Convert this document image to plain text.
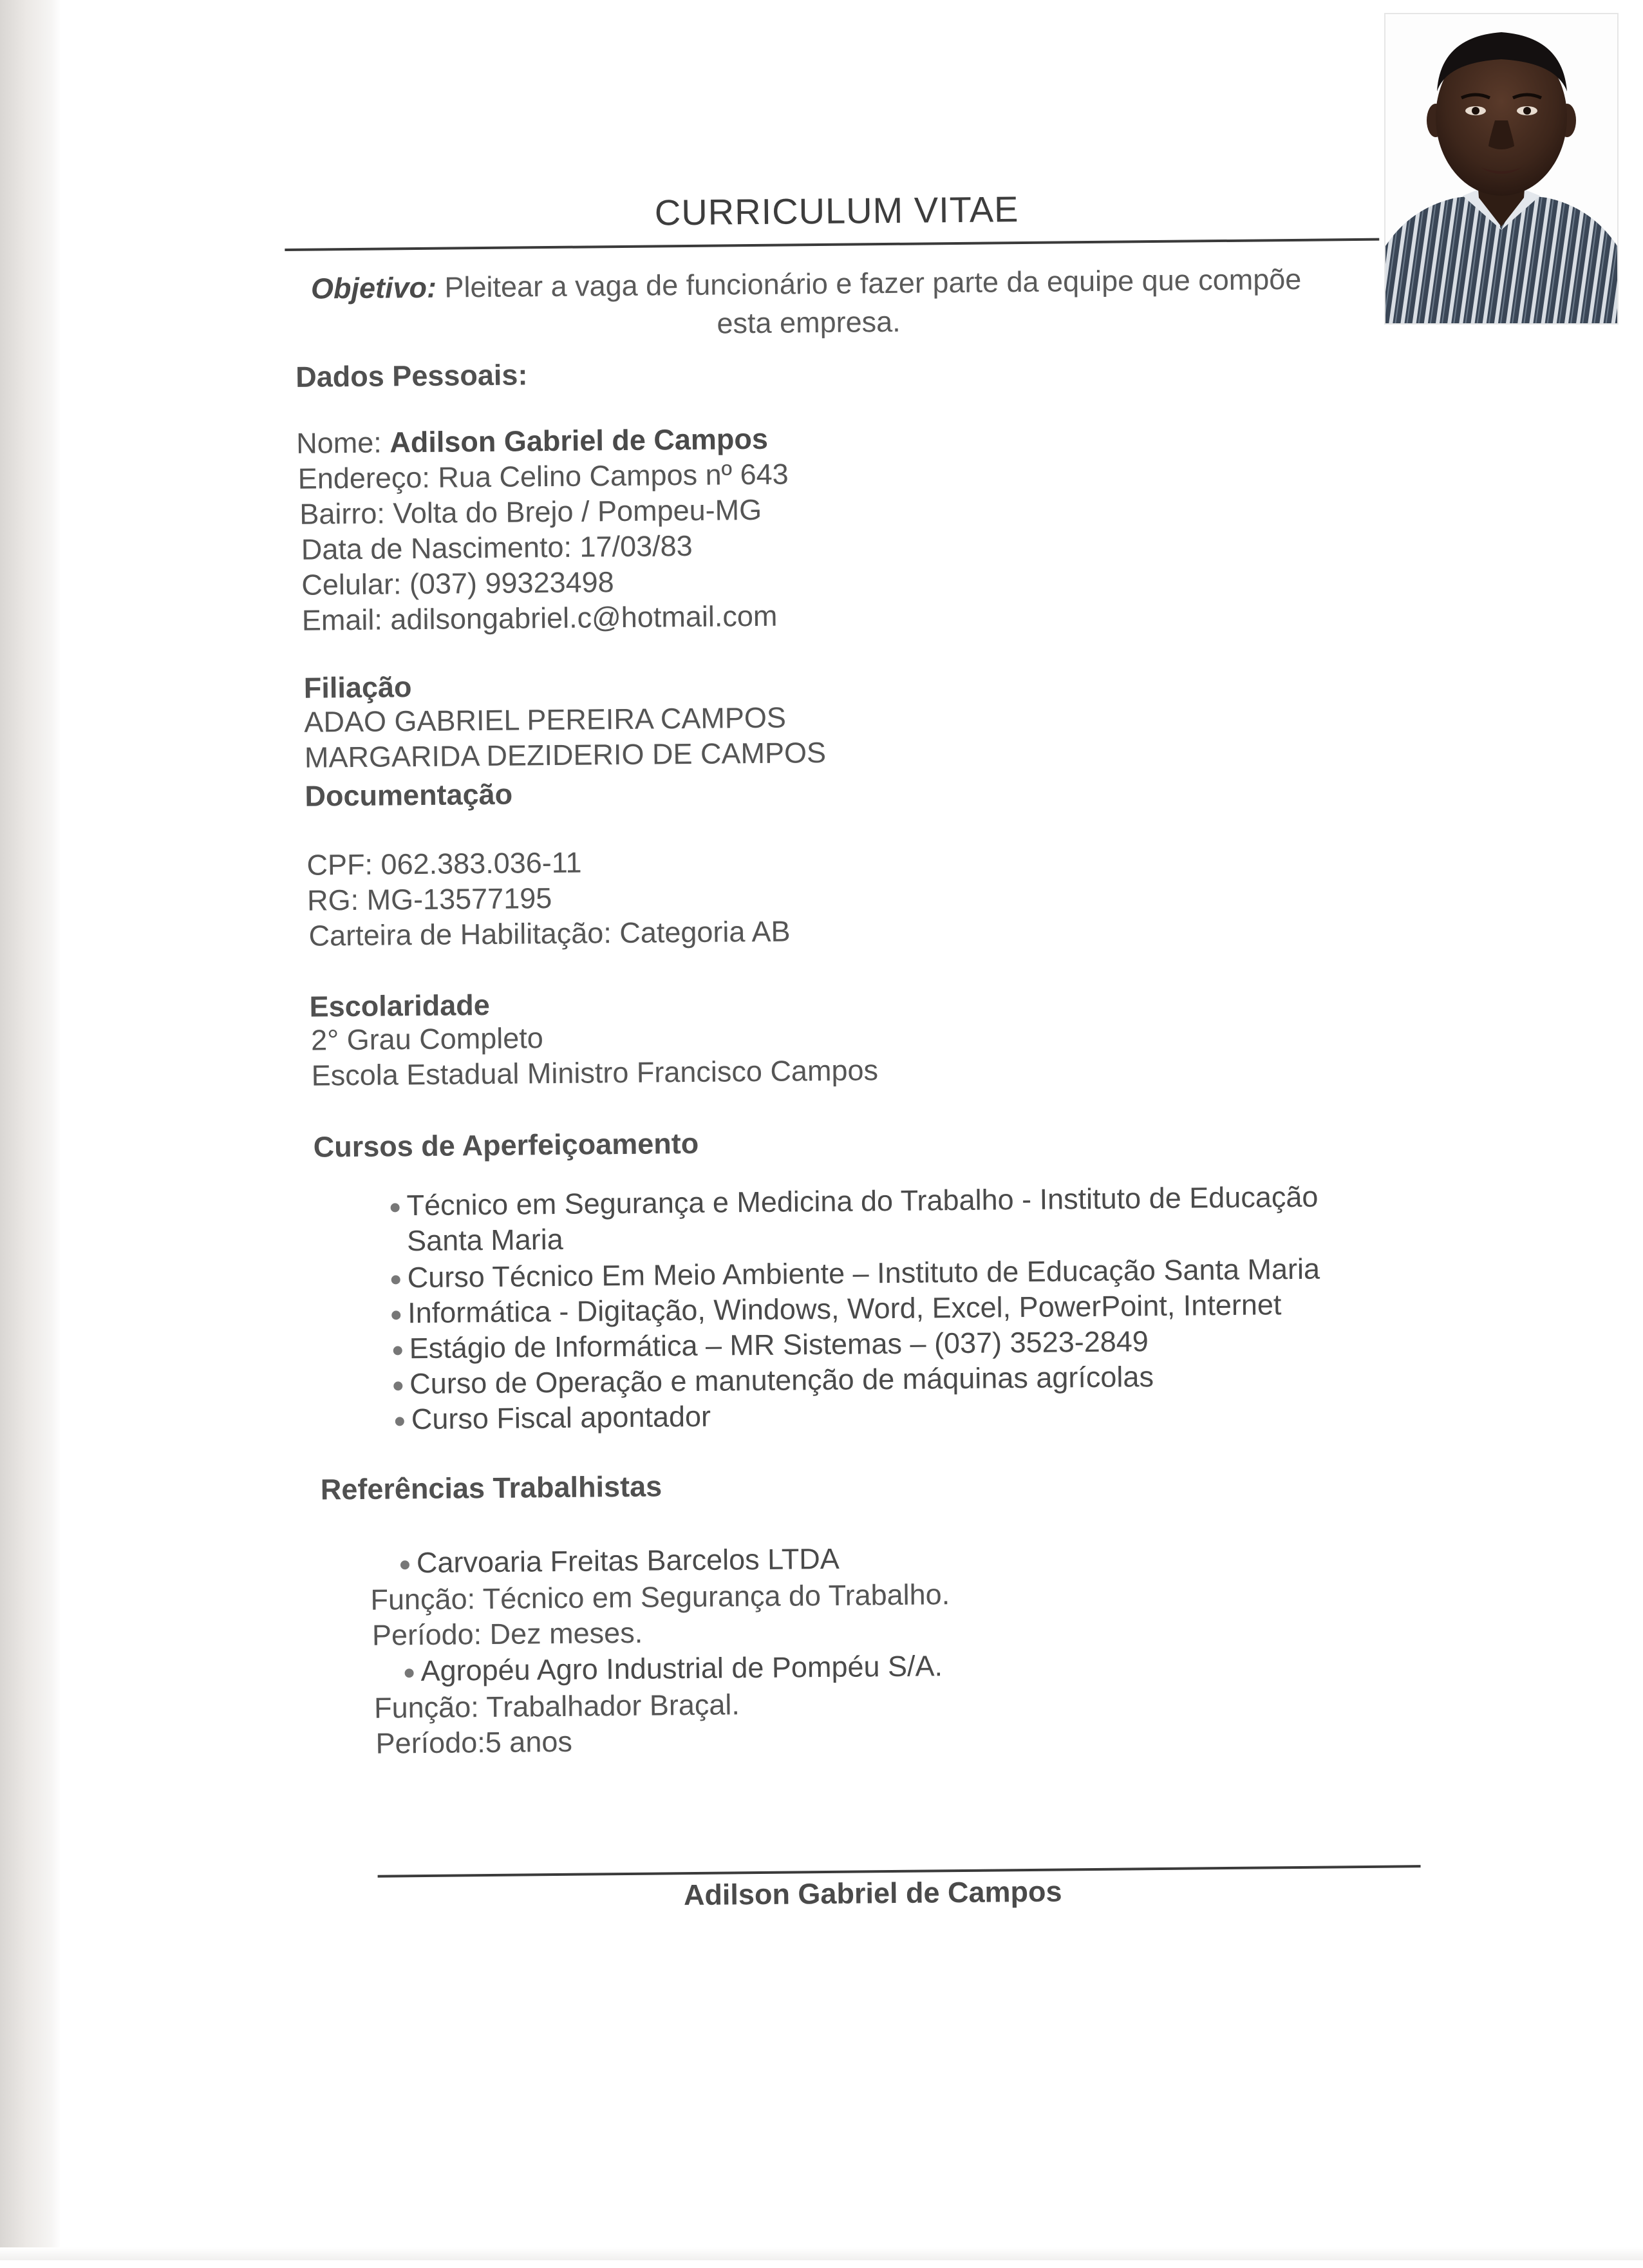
CURRICULUM VITAE
Objetivo: Pleitear a vaga de funcionário e fazer parte da equipe que compõe
esta empresa.
Dados Pessoais:
Nome: Adilson Gabriel de Campos
Endereço: Rua Celino Campos nº 643
Bairro: Volta do Brejo / Pompeu-MG
Data de Nascimento: 17/03/83
Celular: (037) 99323498
Email: adilsongabriel.c@hotmail.com
Filiação
ADAO GABRIEL PEREIRA CAMPOS
MARGARIDA DEZIDERIO DE CAMPOS
Documentação
CPF: 062.383.036-11
RG: MG-13577195
Carteira de Habilitação: Categoria AB
Escolaridade
2° Grau Completo
Escola Estadual Ministro Francisco Campos
Cursos de Aperfeiçoamento
Técnico em Segurança e Medicina do Trabalho - Instituto de Educação
Santa Maria
Curso Técnico Em Meio Ambiente – Instituto de Educação Santa Maria
Informática - Digitação, Windows, Word, Excel, PowerPoint, Internet
Estágio de Informática – MR Sistemas – (037) 3523-2849
Curso de Operação e manutenção de máquinas agrícolas
Curso Fiscal apontador
Referências Trabalhistas
Carvoaria Freitas Barcelos LTDA
Função: Técnico em Segurança do Trabalho.
Período: Dez meses.
Agropéu Agro Industrial de Pompéu S/A.
Função: Trabalhador Braçal.
Período:5 anos
Adilson Gabriel de Campos
